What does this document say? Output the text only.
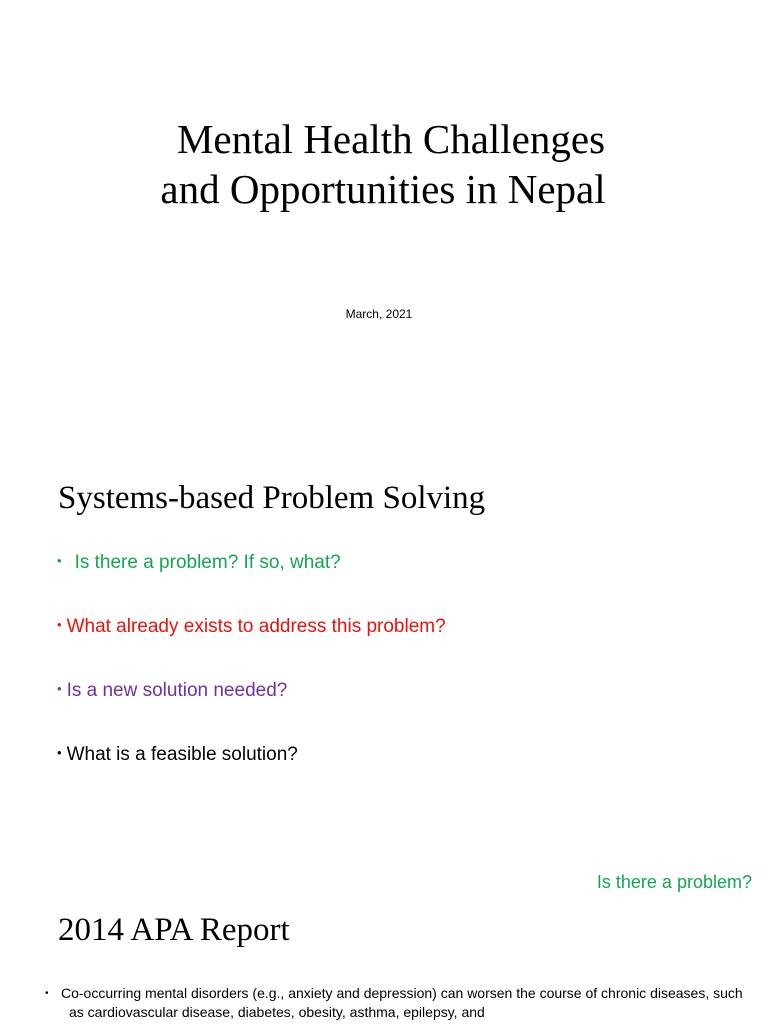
Mental Health Challenges
and Opportunities in Nepal
March, 2021
Systems-based Problem Solving
• Is there a problem? If so, what?
• What already exists to address this problem?
• Is a new solution needed?
• What is a feasible solution?
Is there a problem?
2014 APA Report
• Co-occurring mental disorders (e.g., anxiety and depression) can worsen the course of chronic diseases, such as cardiovascular disease, diabetes, obesity, asthma, epilepsy, and
